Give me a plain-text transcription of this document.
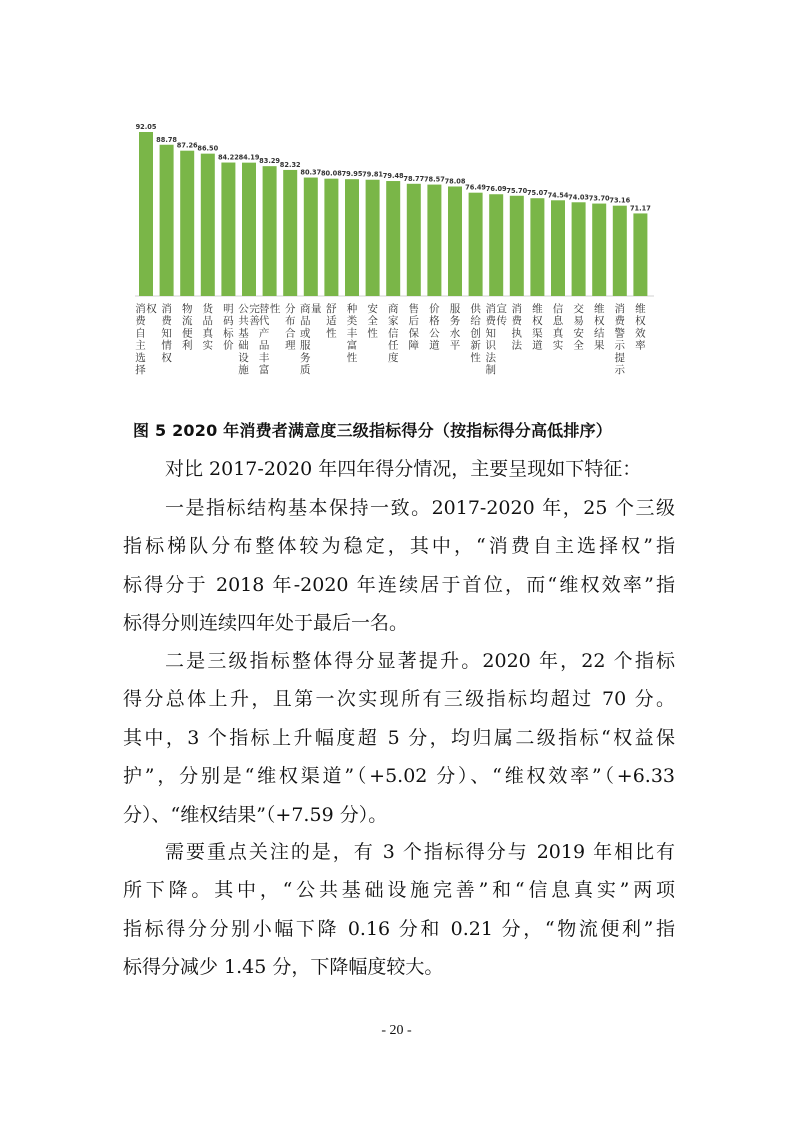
92.05
消费自主选择权
88.78
消费知情权
87.26
物流便利
86.50
货品真实
84.22
明码标价
84.19
公共基础设施完善
83.29
替代产品丰富性
82.32
分布合理
80.37
商品或服务质量
80.08
舒适性
79.95
种类丰富性
79.81
安全性
79.48
商家信任度
78.77
售后保障
78.57
价格公道
78.08
服务水平
76.49
供给创新性
76.09
消费知识法制宣传
75.70
消费执法
75.07
维权渠道
74.54
信息真实
74.03
交易安全
73.70
维权结果
73.16
消费警示提示
71.17
维权效率
图 5 2020 年消费者满意度三级指标得分（按指标得分高低排序）
对比 2017-2020 年四年得分情况，主要呈现如下特征：
一是指标结构基本保持一致。2017-2020 年，25 个三级
指标梯队分布整体较为稳定，其中，“消费自主选择权”指
标得分于 2018 年-2020 年连续居于首位，而“维权效率”指
标得分则连续四年处于最后一名。
二是三级指标整体得分显著提升。2020 年，22 个指标
得分总体上升，且第一次实现所有三级指标均超过 70 分。
其中，3 个指标上升幅度超 5 分，均归属二级指标“权益保
护”，分别是“维权渠道”（+5.02 分）、“维权效率”（+6.33
分）、“维权结果”（+7.59 分）。
需要重点关注的是，有 3 个指标得分与 2019 年相比有
所下降。其中，“公共基础设施完善”和“信息真实”两项
指标得分分别小幅下降 0.16 分和 0.21 分，“物流便利”指
标得分减少 1.45 分，下降幅度较大。
- 20 -
